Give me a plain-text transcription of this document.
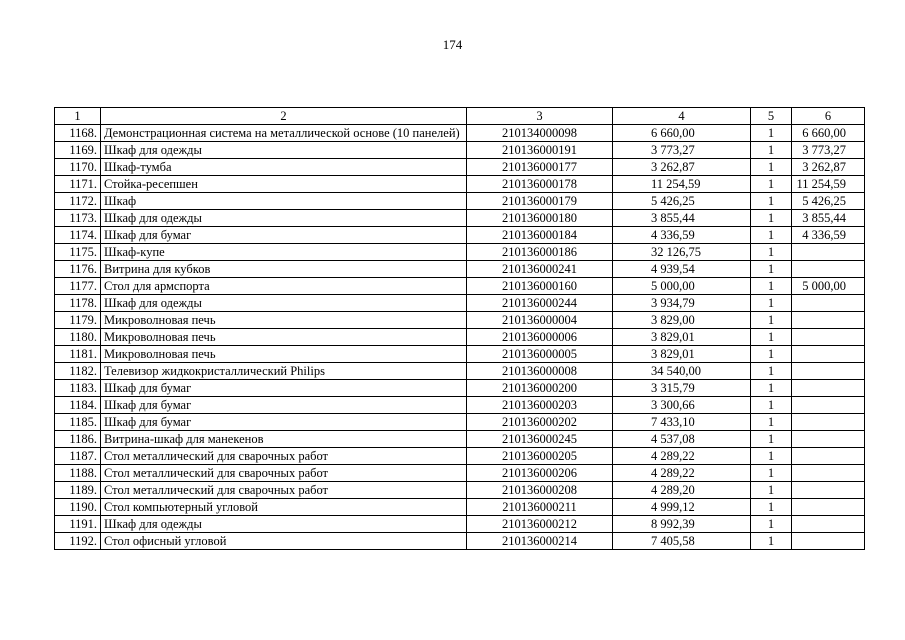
174
1	2	3	4	5	6
1168.	Демонстрационная система на металлической основе (10 панелей)	210134000098	6 660,00	1	6 660,00
1169.	Шкаф для одежды	210136000191	3 773,27	1	3 773,27
1170.	Шкаф-тумба	210136000177	3 262,87	1	3 262,87
1171.	Стойка-ресепшен	210136000178	11 254,59	1	11 254,59
1172.	Шкаф	210136000179	5 426,25	1	5 426,25
1173.	Шкаф для одежды	210136000180	3 855,44	1	3 855,44
1174.	Шкаф для бумаг	210136000184	4 336,59	1	4 336,59
1175.	Шкаф-купе	210136000186	32 126,75	1	
1176.	Витрина для кубков	210136000241	4 939,54	1	
1177.	Стол для армспорта	210136000160	5 000,00	1	5 000,00
1178.	Шкаф для одежды	210136000244	3 934,79	1	
1179.	Микроволновая печь	210136000004	3 829,00	1	
1180.	Микроволновая печь	210136000006	3 829,01	1	
1181.	Микроволновая печь	210136000005	3 829,01	1	
1182.	Телевизор жидкокристаллический Philips	210136000008	34 540,00	1	
1183.	Шкаф для бумаг	210136000200	3 315,79	1	
1184.	Шкаф для бумаг	210136000203	3 300,66	1	
1185.	Шкаф для бумаг	210136000202	7 433,10	1	
1186.	Витрина-шкаф для манекенов	210136000245	4 537,08	1	
1187.	Стол металлический для сварочных работ	210136000205	4 289,22	1	
1188.	Стол металлический для сварочных работ	210136000206	4 289,22	1	
1189.	Стол металлический для сварочных работ	210136000208	4 289,20	1	
1190.	Стол компьютерный угловой	210136000211	4 999,12	1	
1191.	Шкаф для одежды	210136000212	8 992,39	1	
1192.	Стол офисный угловой	210136000214	7 405,58	1	
